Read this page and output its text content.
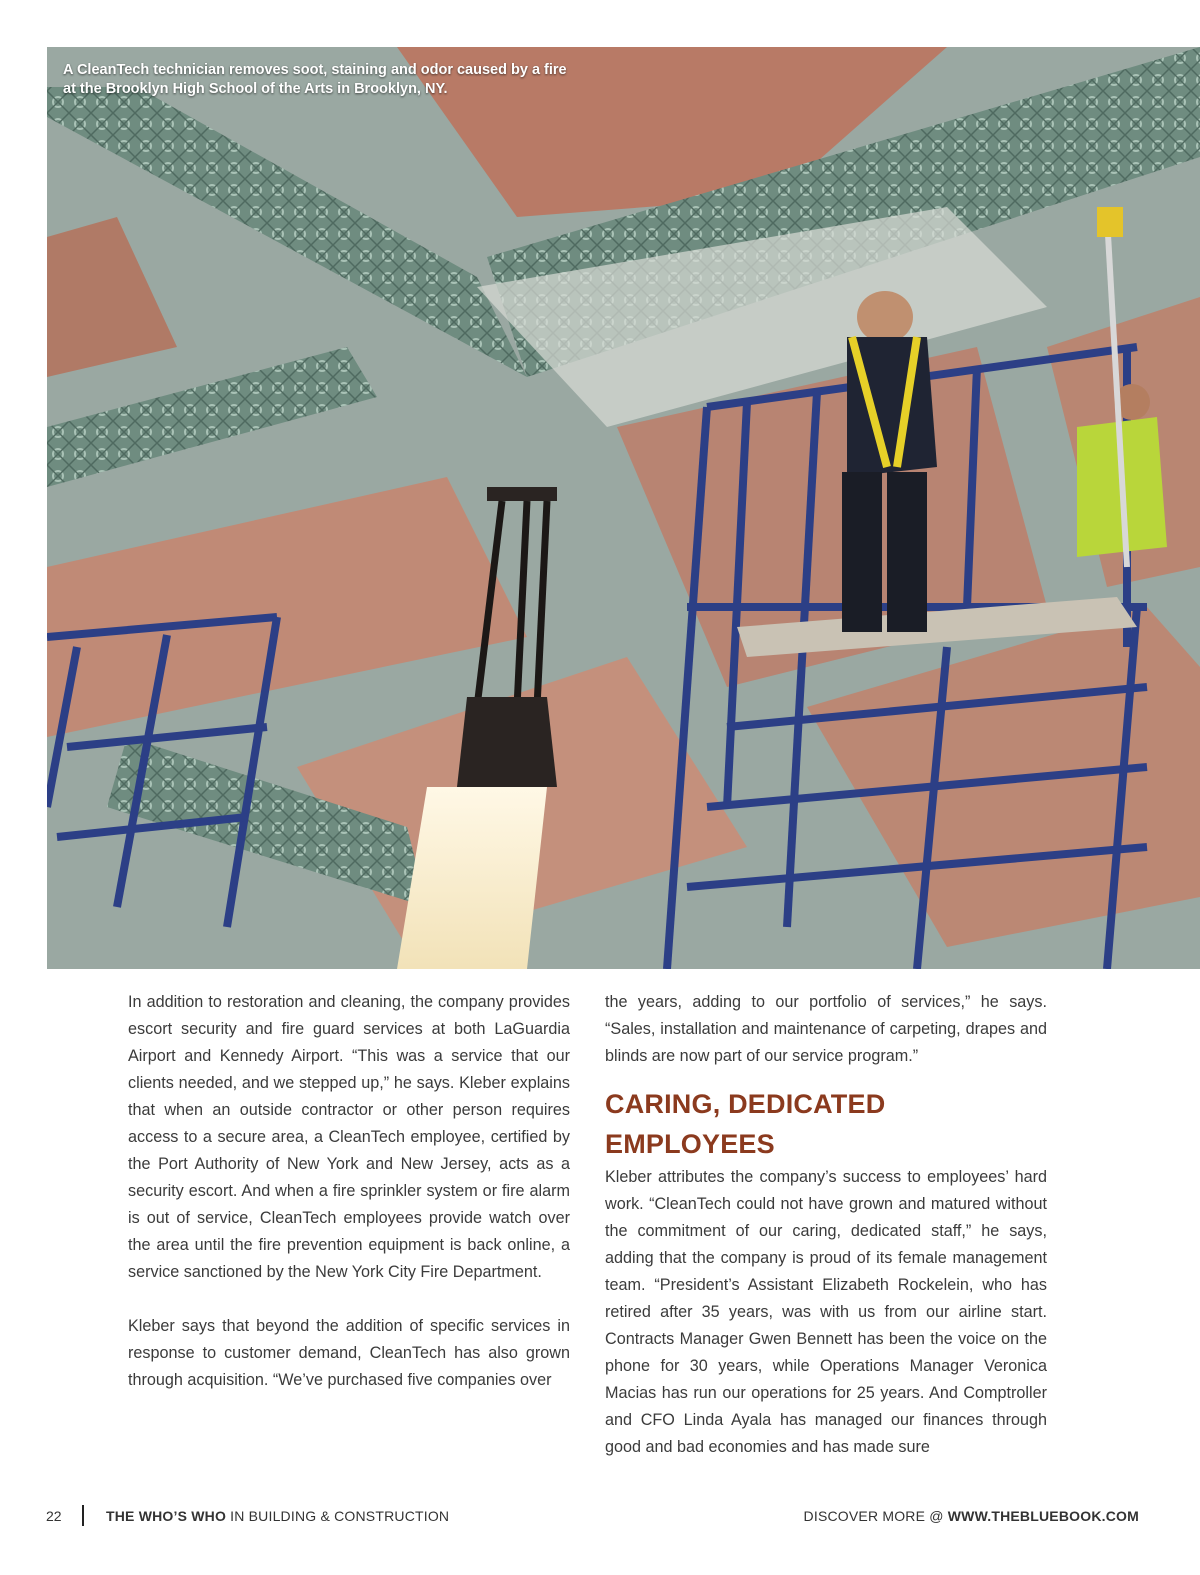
A CleanTech technician removes soot, staining and odor caused by a fire
at the Brooklyn High School of the Arts in Brooklyn, NY.

In addition to restoration and cleaning, the company provides escort security and fire guard services at both LaGuardia Airport and Kennedy Airport. “This was a service that our clients needed, and we stepped up,” he says. Kleber explains that when an outside contractor or other person requires access to a secure area, a CleanTech employee, certified by the Port Authority of New York and New Jersey, acts as a security escort. And when a fire sprinkler system or fire alarm is out of service, CleanTech employees provide watch over the area until the fire prevention equipment is back online, a service sanctioned by the New York City Fire Department.

Kleber says that beyond the addition of specific services in response to customer demand, CleanTech has also grown through acquisition. “We’ve purchased five companies over

the years, adding to our portfolio of services,” he says. “Sales, installation and maintenance of carpeting, drapes and blinds are now part of our service program.”

CARING, DEDICATED EMPLOYEES

Kleber attributes the company’s success to employees’ hard work. “CleanTech could not have grown and matured without the commitment of our caring, dedicated staff,” he says, adding that the company is proud of its female management team. “President’s Assistant Elizabeth Rockelein, who has retired after 35 years, was with us from our airline start. Contracts Manager Gwen Bennett has been the voice on the phone for 30 years, while Operations Manager Veronica Macias has run our operations for 25 years. And Comptroller and CFO Linda Ayala has managed our finances through good and bad economies and has made sure

22	THE WHO’S WHO IN BUILDING & CONSTRUCTION	DISCOVER MORE @ WWW.THEBLUEBOOK.COM
